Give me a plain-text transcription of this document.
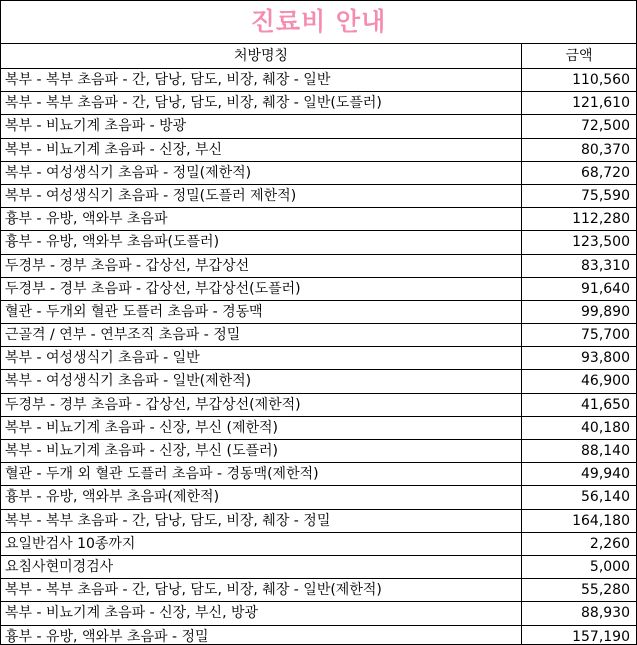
진료비 안내
처방명칭	금액
복부 - 복부 초음파 - 간, 담낭, 담도, 비장, 췌장 - 일반	110,560
복부 - 복부 초음파 - 간, 담낭, 담도, 비장, 췌장 - 일반(도플러)	121,610
복부 - 비뇨기계 초음파 - 방광	72,500
복부 - 비뇨기계 초음파 - 신장, 부신	80,370
복부 - 여성생식기 초음파 - 정밀(제한적)	68,720
복부 - 여성생식기 초음파 - 정밀(도플러 제한적)	75,590
흉부 - 유방, 액와부 초음파	112,280
흉부 - 유방, 액와부 초음파(도플러)	123,500
두경부 - 경부 초음파 - 갑상선, 부갑상선	83,310
두경부 - 경부 초음파 - 갑상선, 부갑상선(도플러)	91,640
혈관 - 두개외 혈관 도플러 초음파 - 경동맥	99,890
근골격 / 연부 - 연부조직 초음파 - 정밀	75,700
복부 - 여성생식기 초음파 - 일반	93,800
복부 - 여성생식기 초음파 - 일반(제한적)	46,900
두경부 - 경부 초음파 - 갑상선, 부갑상선(제한적)	41,650
복부 - 비뇨기계 초음파 - 신장, 부신 (제한적)	40,180
복부 - 비뇨기계 초음파 - 신장, 부신 (도플러)	88,140
혈관 - 두개 외 혈관 도플러 초음파 - 경동맥(제한적)	49,940
흉부 - 유방, 액와부 초음파(제한적)	56,140
복부 - 복부 초음파 - 간, 담낭, 담도, 비장, 췌장 - 정밀	164,180
요일반검사 10종까지	2,260
요침사현미경검사	5,000
복부 - 복부 초음파 - 간, 담낭, 담도, 비장, 췌장 - 일반(제한적)	55,280
복부 - 비뇨기계 초음파 - 신장, 부신, 방광	88,930
흉부 - 유방, 액와부 초음파 - 정밀	157,190
